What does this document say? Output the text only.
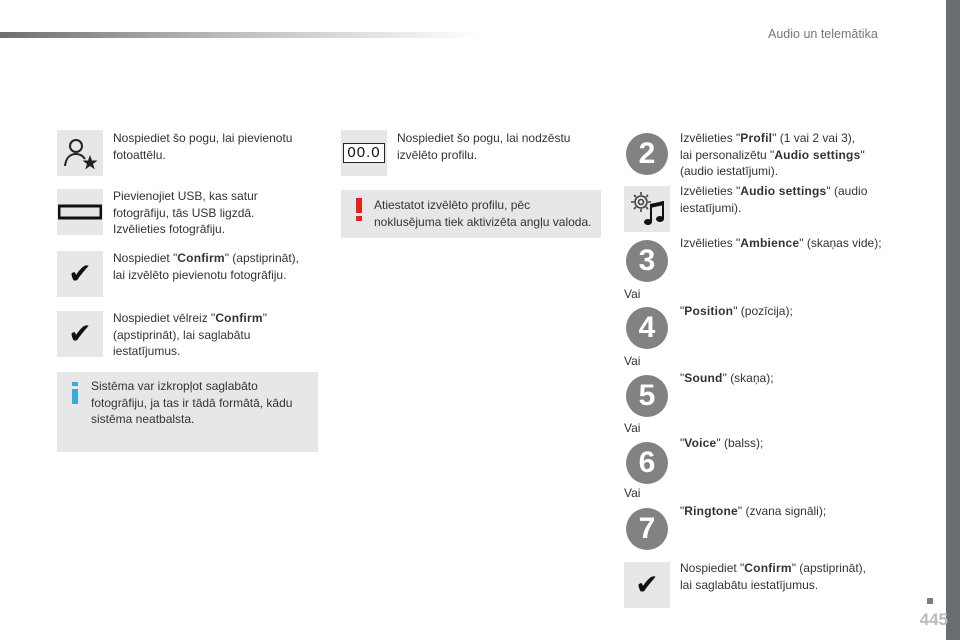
Audio un telemātika
445
Nospiediet šo pogu, lai pievienotu fotoattēlu.
Pievienojiet USB, kas satur
fotogrāfiju, tās USB ligzdā.
Izvēlieties fotogrāfiju.
✔ Nospiediet "Confirm" (apstiprināt),
lai izvēlēto pievienotu fotogrāfiju.
✔ Nospiediet vēlreiz "Confirm"
(apstiprināt), lai saglabātu
iestatījumus.
Sistēma var izkropļot saglabāto
fotogrāfiju, ja tas ir tādā formātā, kādu
sistēma neatbalsta.
00.0
Nospiediet šo pogu, lai nodzēstu
izvēlēto profilu.
Atiestatot izvēlēto profilu, pēc
noklusējuma tiek aktivizēta angļu valoda.
2	Izvēlieties "Profil" (1 vai 2 vai 3),
lai personalizētu "Audio settings"
(audio iestatījumi).
Izvēlieties "Audio settings" (audio
iestatījumi).
3
Izvēlieties "Ambience" (skaņas vide);
Vai
4	"Position" (pozīcija);
Vai
5
"Sound" (skaņa);
Vai
6
"Voice" (balss);
Vai
7
"Ringtone" (zvana signāli);
✔
Nospiediet "Confirm" (apstiprināt),
lai saglabātu iestatījumus.
